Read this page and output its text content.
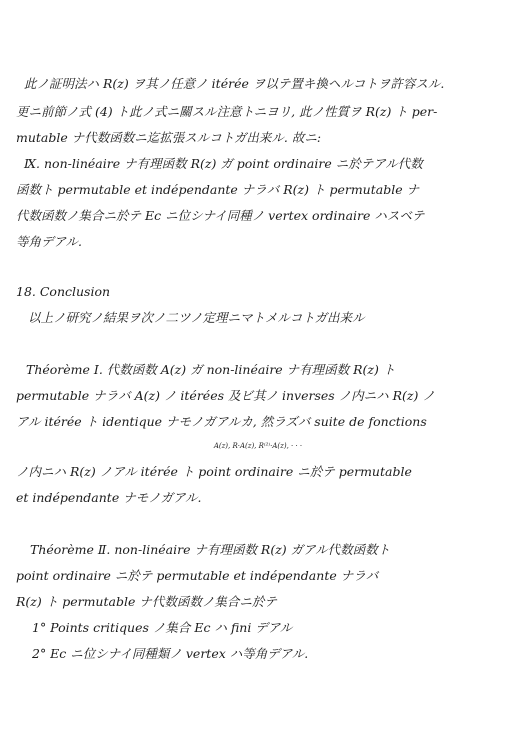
此ノ証明法ハ R(z) ヲ其ノ任意ノ itérée ヲ以テ置キ換ヘルコトヲ許容スル.
更ニ前節ノ式 (4) ト此ノ式ニ關スル注意トニヨリ, 此ノ性質ヲ R(z) ト per-
mutable ナ代数函数ニ迄拡張スルコトガ出来ル. 故ニ:
Ⅸ. non-linéaire ナ有理函数 R(z) ガ point ordinaire ニ於テアル代数
函数ト permutable et indépendante ナラバ R(z) ト permutable ナ
代数函数ノ集合ニ於テ Ec ニ位シナイ同種ノ vertex ordinaire ハスベテ
等角デアル.
18. Conclusion
以上ノ研究ノ結果ヲ次ノ二ツノ定理ニマトメルコトガ出来ル
Théorème Ⅰ. 代数函数 A(z) ガ non-linéaire ナ有理函数 R(z) ト
permutable ナラバ A(z) ノ itérées 及ビ其ノ inverses ノ内ニハ R(z) ノ
アル itérée ト identique ナモノガアルカ, 然ラズバ suite de fonctions
A(z), R·A(z), R⁽²⁾·A(z), · · ·
ノ内ニハ R(z) ノアル itérée ト point ordinaire ニ於テ permutable
et indépendante ナモノガアル.
Théorème Ⅱ. non-linéaire ナ有理函数 R(z) ガアル代数函数ト
point ordinaire ニ於テ permutable et indépendante ナラバ
R(z) ト permutable ナ代数函数ノ集合ニ於テ
1° Points critiques ノ集合 Ec ハ fini デアル
2° Ec ニ位シナイ同種類ノ vertex ハ等角デアル.
